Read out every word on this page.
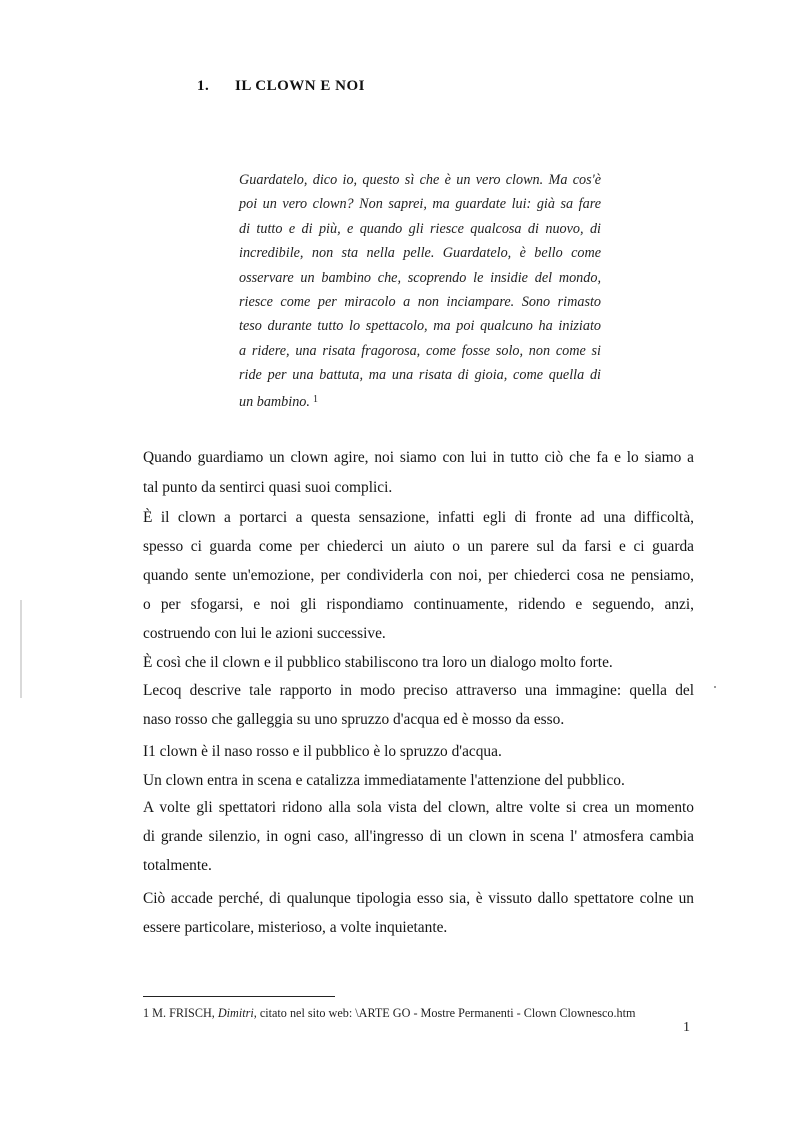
1. IL CLOWN E NOI
Guardatelo, dico io, questo sì che è un vero clown. Ma cos'è
poi un vero clown? Non saprei, ma guardate lui: già sa fare
di tutto e di più, e quando gli riesce qualcosa di nuovo, di
incredibile, non sta nella pelle. Guardatelo, è bello come
osservare un bambino che, scoprendo le insidie del mondo,
riesce come per miracolo a non inciampare. Sono rimasto
teso durante tutto lo spettacolo, ma poi qualcuno ha iniziato
a ridere, una risata fragorosa, come fosse solo, non come si
ride per una battuta, ma una risata di gioia, come quella di
un bambino. $^1$
Quando guardiamo un clown agire, noi siamo con lui in tutto ciò che fa e lo siamo a
tal punto da sentirci quasi suoi complici.
È il clown a portarci a questa sensazione, infatti egli di fronte ad una difficoltà,
spesso ci guarda come per chiederci un aiuto o un parere sul da farsi e ci guarda
quando sente un'emozione, per condividerla con noi, per chiederci cosa ne pensiamo,
o per sfogarsi, e noi gli rispondiamo continuamente, ridendo e seguendo, anzi,
costruendo con lui le azioni successive.
È così che il clown e il pubblico stabiliscono tra loro un dialogo molto forte.
Lecoq descrive tale rapporto in modo preciso attraverso una immagine: quella del
naso rosso che galleggia su uno spruzzo d'acqua ed è mosso da esso.
I1 clown è il naso rosso e il pubblico è lo spruzzo d'acqua.
Un clown entra in scena e catalizza immediatamente l'attenzione del pubblico.
A volte gli spettatori ridono alla sola vista del clown, altre volte si crea un momento
di grande silenzio, in ogni caso, all'ingresso di un clown in scena l' atmosfera cambia
totalmente.
Ciò accade perché, di qualunque tipologia esso sia, è vissuto dallo spettatore colne un
essere particolare, misterioso, a volte inquietante.
1 M. FRISCH, Dimitri, citato nel sito web: \ARTE GO - Mostre Permanenti - Clown Clownesco.htm
1
